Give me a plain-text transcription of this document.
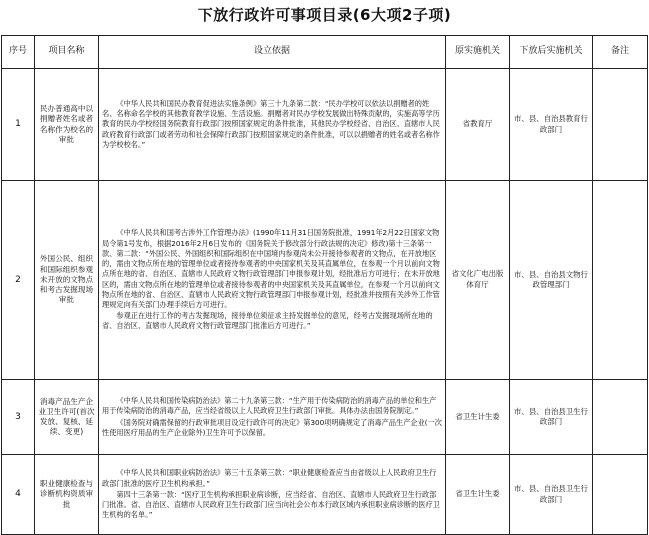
下放行政许可事项目录(6大项2子项)
序号	项目名称	设立依据	原实施机关	下放后实施机关	备注
1	民办普通高中以捐赠者姓名或者名称作为校名的审批	《中华人民共和国民办教育促进法实施条例》第三十九条第二款：“民办学校可以依法以捐赠者的姓名、名称命名学校的其他教育教学设施、生活设施。捐赠者对民办学校发展做出特殊贡献的，实施高等学历教育的民办学校经国务院教育行政部门按照国家规定的条件批准，其他民办学校经省、自治区、直辖市人民政府教育行政部门或者劳动和社会保障行政部门按照国家规定的条件批准，可以以捐赠者的姓名或者名称作为学校校名。”	省教育厅	市、县、自治县教育行政部门	
2	外国公民、组织和国际组织参观未开放的文物点和考古发掘现场审批	《中华人民共和国考古涉外工作管理办法》(1990年11月31日国务院批准，1991年2月22日国家文物局令第1号发布，根据2016年2月6日发布的《国务院关于修改部分行政法规的决定》修改)第十三条第一款、第二款：“外国公民、外国组织和国际组织在中国境内参观尚未公开接待参观者的文物点，在开放地区的，需由文物点所在地的管理单位或者接待参观者的中央国家机关及其直属单位，在参观一个月以前向文物点所在地的省、自治区、直辖市人民政府文物行政管理部门申报参观计划，经批准后方可进行；在未开放地区的，需由文物点所在地的管理单位或者接待参观者的中央国家机关及其直属单位，在参观一个月以前向文物点所在地的省、自治区、直辖市人民政府文物行政管理部门申报参观计划，经批准并按照有关涉外工作管理规定向有关部门办理手续后方可进行。

参观正在进行工作的考古发掘现场，接待单位须征求主持发掘单位的意见，经考古发掘现场所在地的省、自治区、直辖市人民政府文物行政管理部门批准后方可进行。”	省文化广电出版体育厅	市、县、自治县文物行政管理部门	
3	消毒产品生产企业卫生许可(首次发放、复核、延续、变更)	《中华人民共和国传染病防治法》第二十九条第三款：“生产用于传染病防治的消毒产品的单位和生产用于传染病防治的消毒产品，应当经省级以上人民政府卫生行政部门审批。具体办法由国务院制定。”

《国务院对确需保留的行政审批项目设定行政许可的决定》第300项明确规定了消毒产品生产企业(一次性使用医疗用品的生产企业除外)卫生许可予以保留。	省卫生计生委	市、县、自治县卫生行政部门	
4	职业健康检查与诊断机构资质审批	《中华人民共和国职业病防治法》第三十五条第三款：“职业健康检查应当由省级以上人民政府卫生行政部门批准的医疗卫生机构承担。”

第四十三条第一款：“医疗卫生机构承担职业病诊断，应当经省、自治区、直辖市人民政府卫生行政部门批准。省、自治区、直辖市人民政府卫生行政部门应当向社会公布本行政区域内承担职业病诊断的医疗卫生机构的名单。”	省卫生计生委	市、县、自治县卫生行政部门	
